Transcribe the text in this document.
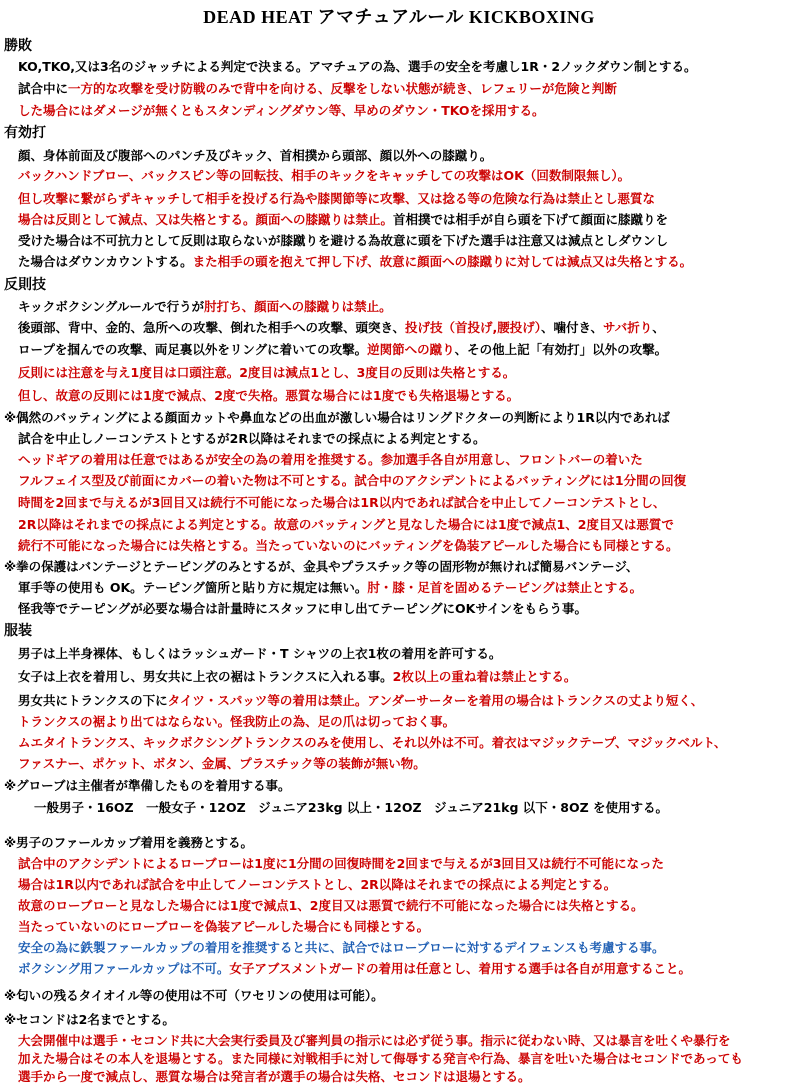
DEAD HEAT アマチュアルール KICKBOXING
勝敗
KO,TKO,又は3名のジャッチによる判定で決まる。アマチュアの為、選手の安全を考慮し1R・2ノックダウン制とする。
試合中に一方的な攻撃を受け防戦のみで背中を向ける、反撃をしない状態が続き、レフェリーが危険と判断
した場合にはダメージが無くともスタンディングダウン等、早めのダウン・TKOを採用する。
有効打
顔、身体前面及び腹部へのパンチ及びキック、首相撲から頭部、顔以外への膝蹴り。
バックハンドブロー、バックスピン等の回転技、相手のキックをキャッチしての攻撃はOK（回数制限無し）。
但し攻撃に繋がらずキャッチして相手を投げる行為や膝関節等に攻撃、又は捻る等の危険な行為は禁止とし悪質な
場合は反則として減点、又は失格とする。顔面への膝蹴りは禁止。首相撲では相手が自ら頭を下げて顔面に膝蹴りを
受けた場合は不可抗力として反則は取らないが膝蹴りを避ける為故意に頭を下げた選手は注意又は減点としダウンし
た場合はダウンカウントする。また相手の頭を抱えて押し下げ、故意に顔面への膝蹴りに対しては減点又は失格とする。
反則技
キックボクシングルールで行うが肘打ち、顔面への膝蹴りは禁止。
後頭部、背中、金的、急所への攻撃、倒れた相手への攻撃、頭突き、投げ技（首投げ,腰投げ）、噛付き、サバ折り、
ロープを掴んでの攻撃、両足裏以外をリングに着いての攻撃。逆関節への蹴り、その他上記「有効打」以外の攻撃。
反則には注意を与え1度目は口頭注意。2度目は減点1とし、3度目の反則は失格とする。
但し、故意の反則には1度で減点、2度で失格。悪質な場合には1度でも失格退場とする。
※偶然のバッティングによる顔面カットや鼻血などの出血が激しい場合はリングドクターの判断により1R以内であれば
試合を中止しノーコンテストとするが2R以降はそれまでの採点による判定とする。
ヘッドギアの着用は任意ではあるが安全の為の着用を推奨する。参加選手各自が用意し、フロントバーの着いた
フルフェイス型及び前面にカバーの着いた物は不可とする。試合中のアクシデントによるバッティングには1分間の回復
時間を2回まで与えるが3回目又は続行不可能になった場合は1R以内であれば試合を中止してノーコンテストとし、
2R以降はそれまでの採点による判定とする。故意のバッティングと見なした場合には1度で減点1、2度目又は悪質で
続行不可能になった場合には失格とする。当たっていないのにバッティングを偽装アピールした場合にも同様とする。
※拳の保護はバンテージとテーピングのみとするが、金具やプラスチック等の固形物が無ければ簡易バンテージ、
軍手等の使用も OK。テーピング箇所と貼り方に規定は無い。肘・膝・足首を固めるテーピングは禁止とする。
怪我等でテーピングが必要な場合は計量時にスタッフに申し出てテーピングにOKサインをもらう事。
服装
男子は上半身裸体、もしくはラッシュガード・T シャツの上衣1枚の着用を許可する。
女子は上衣を着用し、男女共に上衣の裾はトランクスに入れる事。2枚以上の重ね着は禁止とする。
男女共にトランクスの下にタイツ・スパッツ等の着用は禁止。アンダーサーターを着用の場合はトランクスの丈より短く、
トランクスの裾より出てはならない。怪我防止の為、足の爪は切っておく事。
ムエタイトランクス、キックボクシングトランクスのみを使用し、それ以外は不可。着衣はマジックテープ、マジックベルト、
ファスナー、ポケット、ボタン、金属、プラスチック等の装飾が無い物。
※グローブは主催者が準備したものを着用する事。
一般男子・16OZ　一般女子・12OZ　ジュニア23kg 以上・12OZ　ジュニア21kg 以下・8OZ を使用する。
※男子のファールカップ着用を義務とする。
試合中のアクシデントによるローブローは1度に1分間の回復時間を2回まで与えるが3回目又は続行不可能になった
場合は1R以内であれば試合を中止してノーコンテストとし、2R以降はそれまでの採点による判定とする。
故意のローブローと見なした場合には1度で減点1、2度目又は悪質で続行不可能になった場合には失格とする。
当たっていないのにローブローを偽装アピールした場合にも同様とする。
安全の為に鉄製ファールカップの着用を推奨すると共に、試合ではローブローに対するデイフェンスも考慮する事。
ボクシング用ファールカップは不可。女子アブスメントガードの着用は任意とし、着用する選手は各自が用意すること。
※匂いの残るタイオイル等の使用は不可（ワセリンの使用は可能）。
※セコンドは2名までとする。
大会開催中は選手・セコンド共に大会実行委員及び審判員の指示には必ず従う事。指示に従わない時、又は暴言を吐くや暴行を
加えた場合はその本人を退場とする。また同様に対戦相手に対して侮辱する発言や行為、暴言を吐いた場合はセコンドであっても
選手から一度で減点し、悪質な場合は発言者が選手の場合は失格、セコンドは退場とする。
